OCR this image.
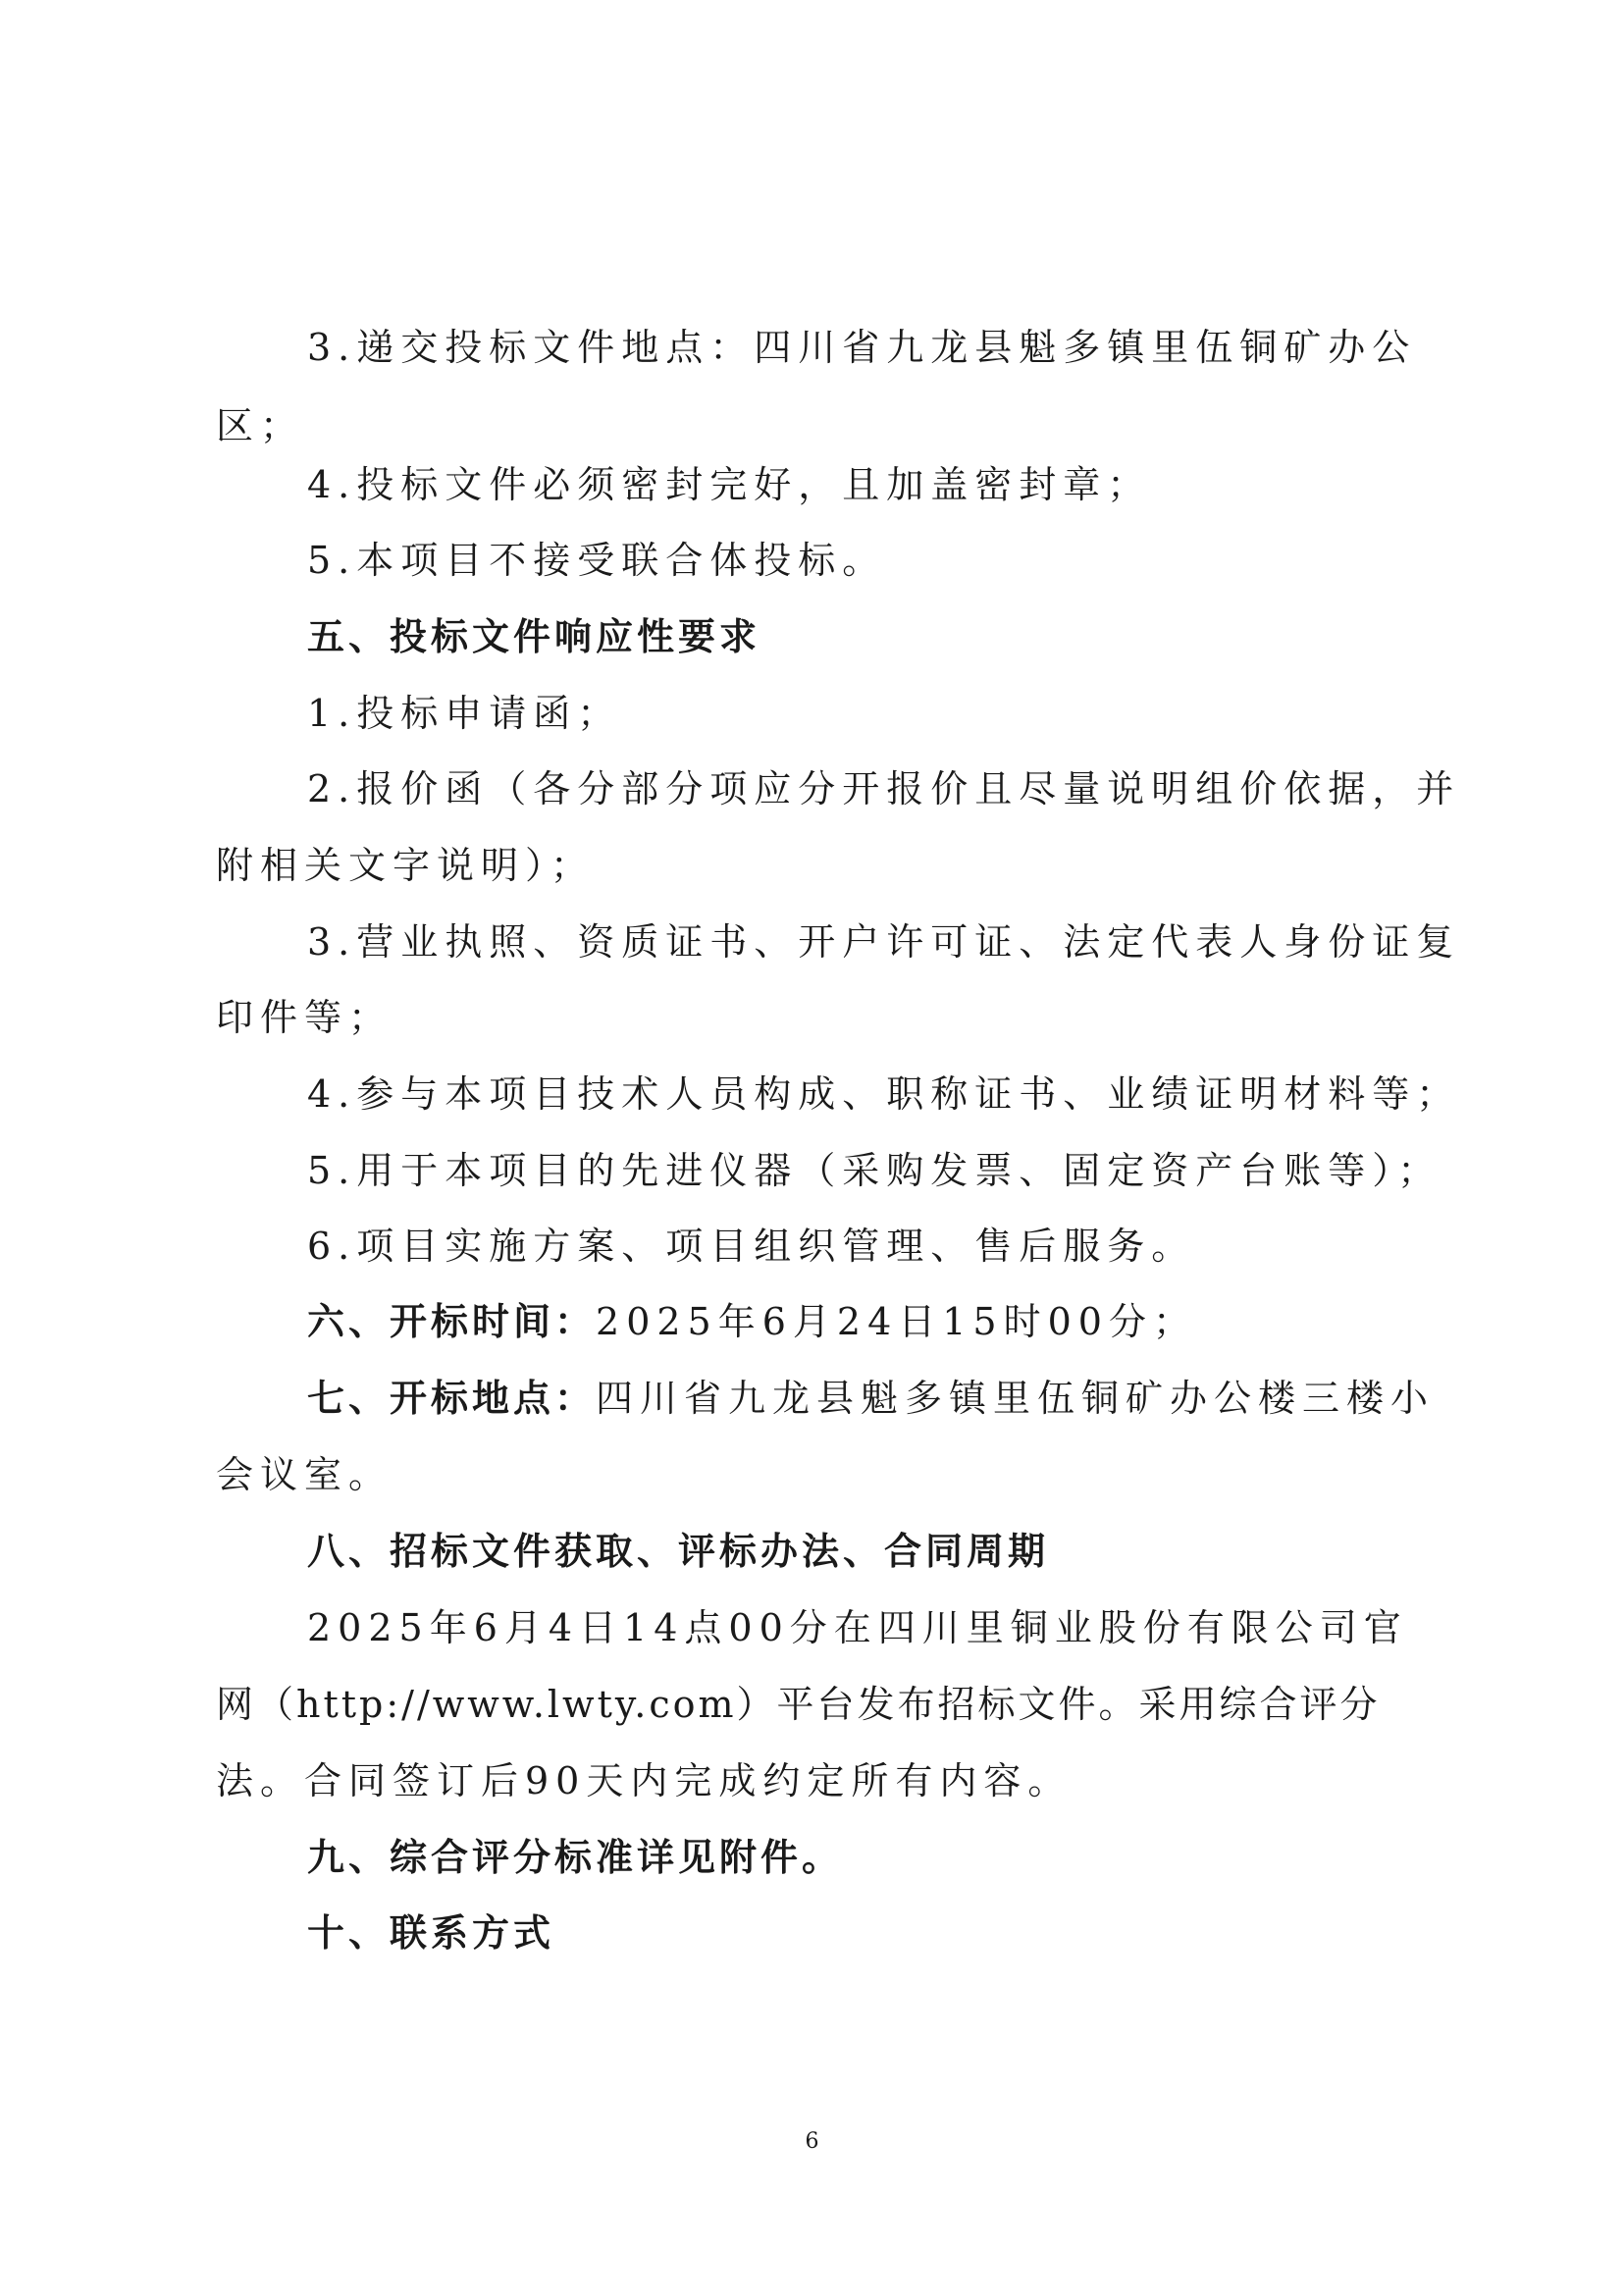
3.递交投标文件地点：四川省九龙县魁多镇里伍铜矿办公
区；
4.投标文件必须密封完好，且加盖密封章；
5.本项目不接受联合体投标。
五、投标文件响应性要求
1.投标申请函；
2.报价函（各分部分项应分开报价且尽量说明组价依据，并
附相关文字说明）；
3.营业执照、资质证书、开户许可证、法定代表人身份证复
印件等；
4.参与本项目技术人员构成、职称证书、业绩证明材料等；
5.用于本项目的先进仪器（采购发票、固定资产台账等）；
6.项目实施方案、项目组织管理、售后服务。
六、开标时间：2025年6月24日15时00分；
七、开标地点：四川省九龙县魁多镇里伍铜矿办公楼三楼小
会议室。
八、招标文件获取、评标办法、合同周期
2025年6月4日14点00分在四川里铜业股份有限公司官
网（http://www.lwty.com）平台发布招标文件。采用综合评分
法。合同签订后90天内完成约定所有内容。
九、综合评分标准详见附件。
十、联系方式
6
